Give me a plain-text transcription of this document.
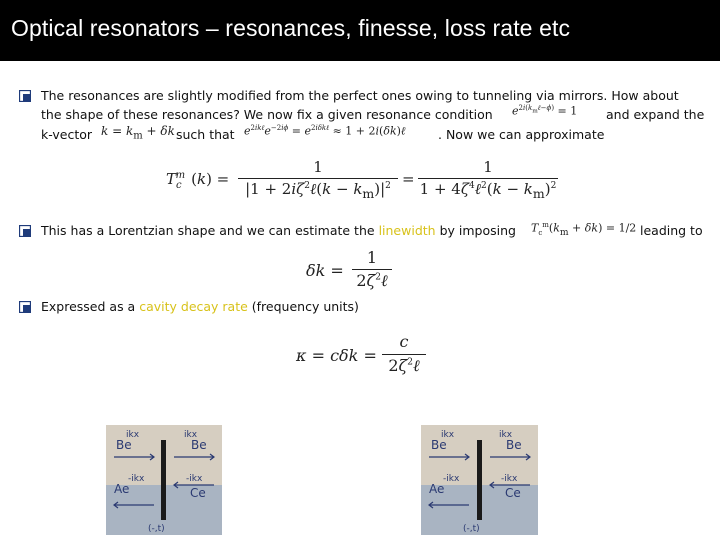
Optical resonators – resonances, finesse, loss rate etc
The resonances are slightly modified from the perfect ones owing to tunneling via mirrors. How about
the shape of these resonances? We now fix a given resonance condition $e^{2i(k_m\ell-\phi)} = 1$ and expand the
k-vector $k = k_m + \delta k$ such that $e^{2ik\ell}e^{-2i\phi} = e^{2i\delta k\ell} \approx 1$ + 2i(δk)ℓ	. Now we can approximate
$T_c^m$ (k) =
1
$|1 + 2i\zeta^2\ell(k - k_m)|^2$ =
1
$1 + 4\zeta^4\ell^2(k - k_m)^2$
This has a Lorentzian shape and we can estimate the linewidth by imposing $T_c^m(k_m + \delta k) = 1/2$ leading to
δk =
1
$2\zeta^2\ell$
Expressed as a cavity decay rate (frequency units)
κ = cδk =
c
$2\zeta^2\ell$
ikx	ikx
Be	Be
-ikx	-ikx
Ae	Ce
(-,t)
ikx	ikx
Be	Be
-ikx	-ikx
Ae	Ce
(-,t)
